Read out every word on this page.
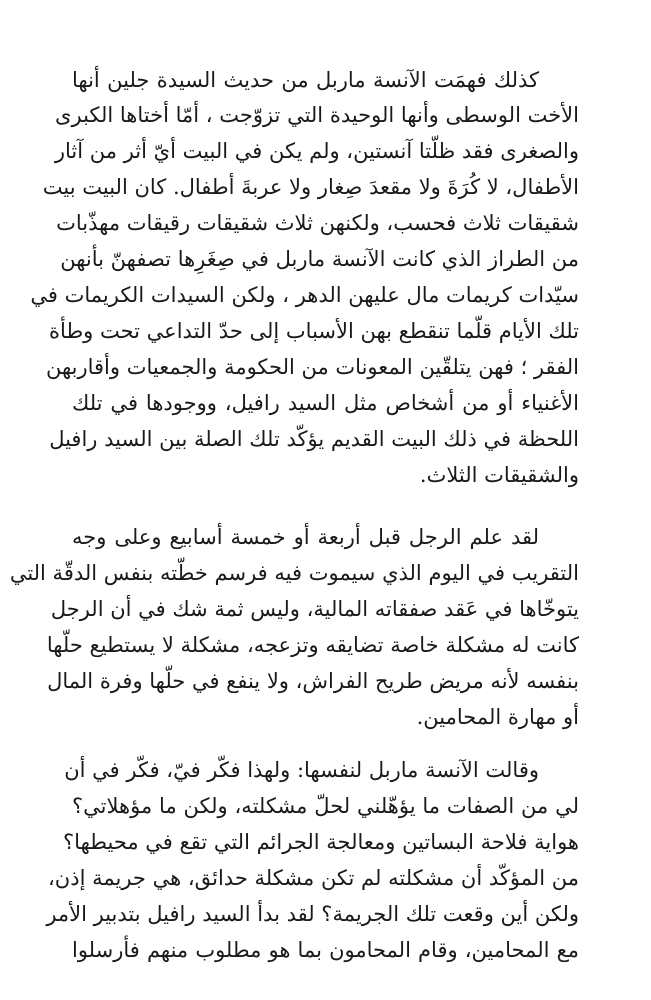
كذلك فهمَت الآنسة ماربل من حديث السيدة جلين أنها
الأخت الوسطى وأنها الوحيدة التي تزوّجت ، أمّا أختاها الكبرى
والصغرى فقد ظلّتا آنستين، ولم يكن في البيت أيّ أثر من آثار
الأطفال، لا كُرَةَ ولا مقعدَ صِغار ولا عربةَ أطفال. كان البيت بيت
شقيقات ثلاث فحسب، ولكنهن ثلاث شقيقات رقيقات مهذّبات
من الطراز الذي كانت الآنسة ماربل في صِغَرِها تصفهنّ بأنهن
سيّدات كريمات مال عليهن الدهر ، ولكن السيدات الكريمات في
تلك الأيام قلّما تنقطع بهن الأسباب إلى حدّ التداعي تحت وطأة
الفقر ؛ فهن يتلقّين المعونات من الحكومة والجمعيات وأقاربهن
الأغنياء أو من أشخاص مثل السيد رافيل، ووجودها في تلك
اللحظة في ذلك البيت القديم يؤكّد تلك الصلة بين السيد رافيل
والشقيقات الثلاث.
لقد علم الرجل قبل أربعة أو خمسة أسابيع وعلى وجه
التقريب في اليوم الذي سيموت فيه فرسم خطّته بنفس الدقّة التي
يتوخّاها في عَقد صفقاته المالية، وليس ثمة شك في أن الرجل
كانت له مشكلة خاصة تضايقه وتزعجه، مشكلة لا يستطيع حلّها
بنفسه لأنه مريض طريح الفراش، ولا ينفع في حلّها وفرة المال
أو مهارة المحامين.
وقالت الآنسة ماربل لنفسها: ولهذا فكّر فيّ، فكّر في أن
لي من الصفات ما يؤهّلني لحلّ مشكلته، ولكن ما مؤهلاتي؟
هواية فلاحة البساتين ومعالجة الجرائم التي تقع في محيطها؟
من المؤكّد أن مشكلته لم تكن مشكلة حدائق، هي جريمة إذن،
ولكن أين وقعت تلك الجريمة؟ لقد بدأ السيد رافيل بتدبير الأمر
مع المحامين، وقام المحامون بما هو مطلوب منهم فأرسلوا
